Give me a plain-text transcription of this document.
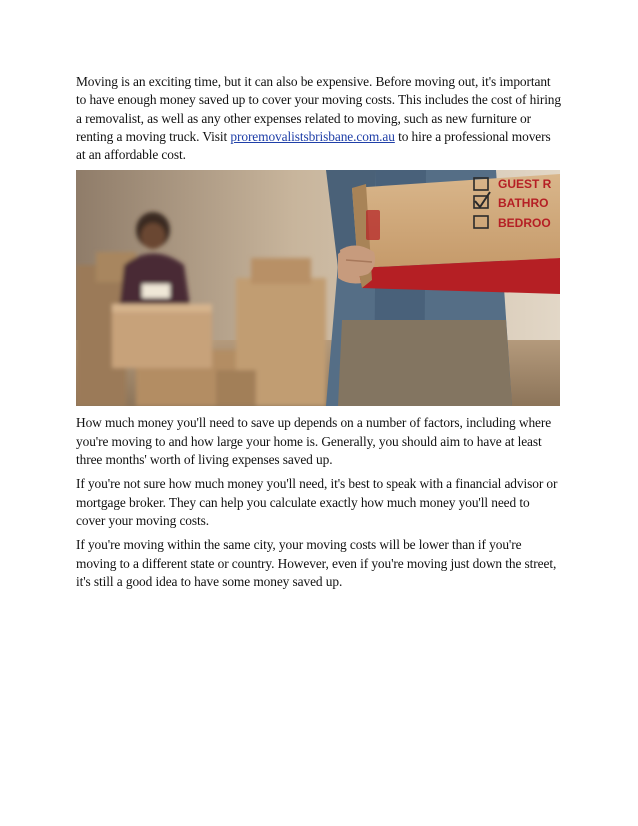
Moving is an exciting time, but it can also be expensive. Before moving out, it's important to have enough money saved up to cover your moving costs. This includes the cost of hiring a removalist, as well as any other expenses related to moving, such as new furniture or renting a moving truck. Visit proremovalistsbrisbane.com.au to hire a professional movers at an affordable cost.

GUEST R
BATHRO
BEDROO

How much money you'll need to save up depends on a number of factors, including where you're moving to and how large your home is. Generally, you should aim to have at least three months' worth of living expenses saved up.

If you're not sure how much money you'll need, it's best to speak with a financial advisor or mortgage broker. They can help you calculate exactly how much money you'll need to cover your moving costs.

If you're moving within the same city, your moving costs will be lower than if you're moving to a different state or country. However, even if you're moving just down the street, it's still a good idea to have some money saved up.
